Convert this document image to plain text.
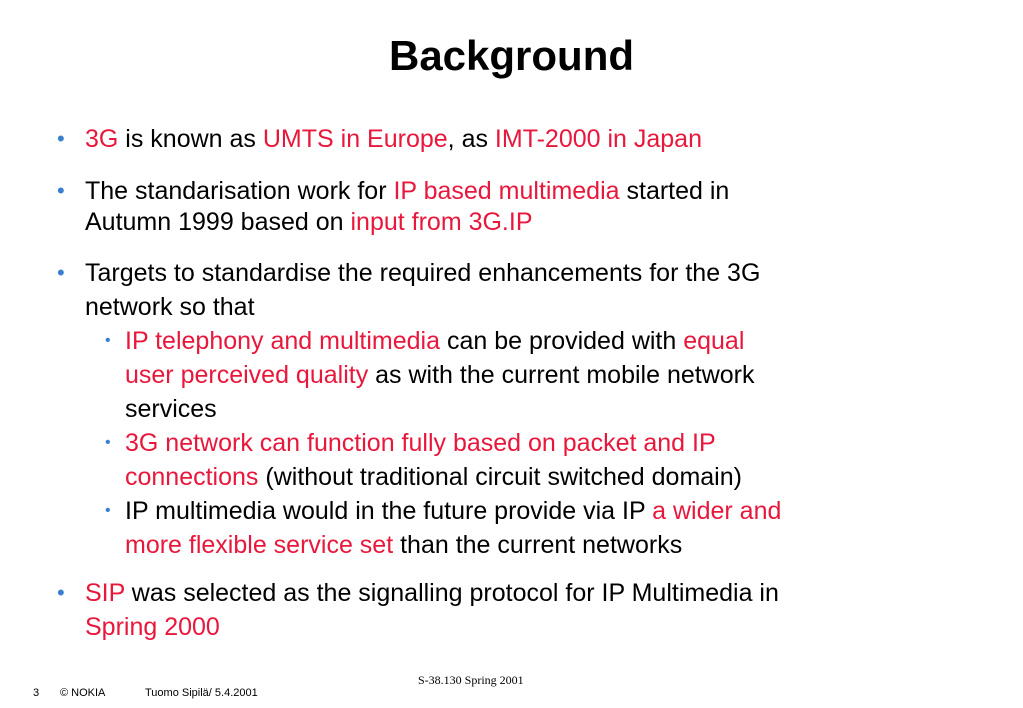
Background
• 3G is known as UMTS in Europe, as IMT-2000 in Japan
• The standarisation work for IP based multimedia started in
Autumn 1999 based on input from 3G.IP
• Targets to standardise the required enhancements for the 3G
network so that
• IP telephony and multimedia can be provided with equal
user perceived quality as with the current mobile network
services
• 3G network can function fully based on packet and IP
connections (without traditional circuit switched domain)
• IP multimedia would in the future provide via IP a wider and
more flexible service set than the current networks
• SIP was selected as the signalling protocol for IP Multimedia in
Spring 2000
3 © NOKIA	Tuomo Sipilä/ 5.4.2001
S-38.130 Spring 2001
